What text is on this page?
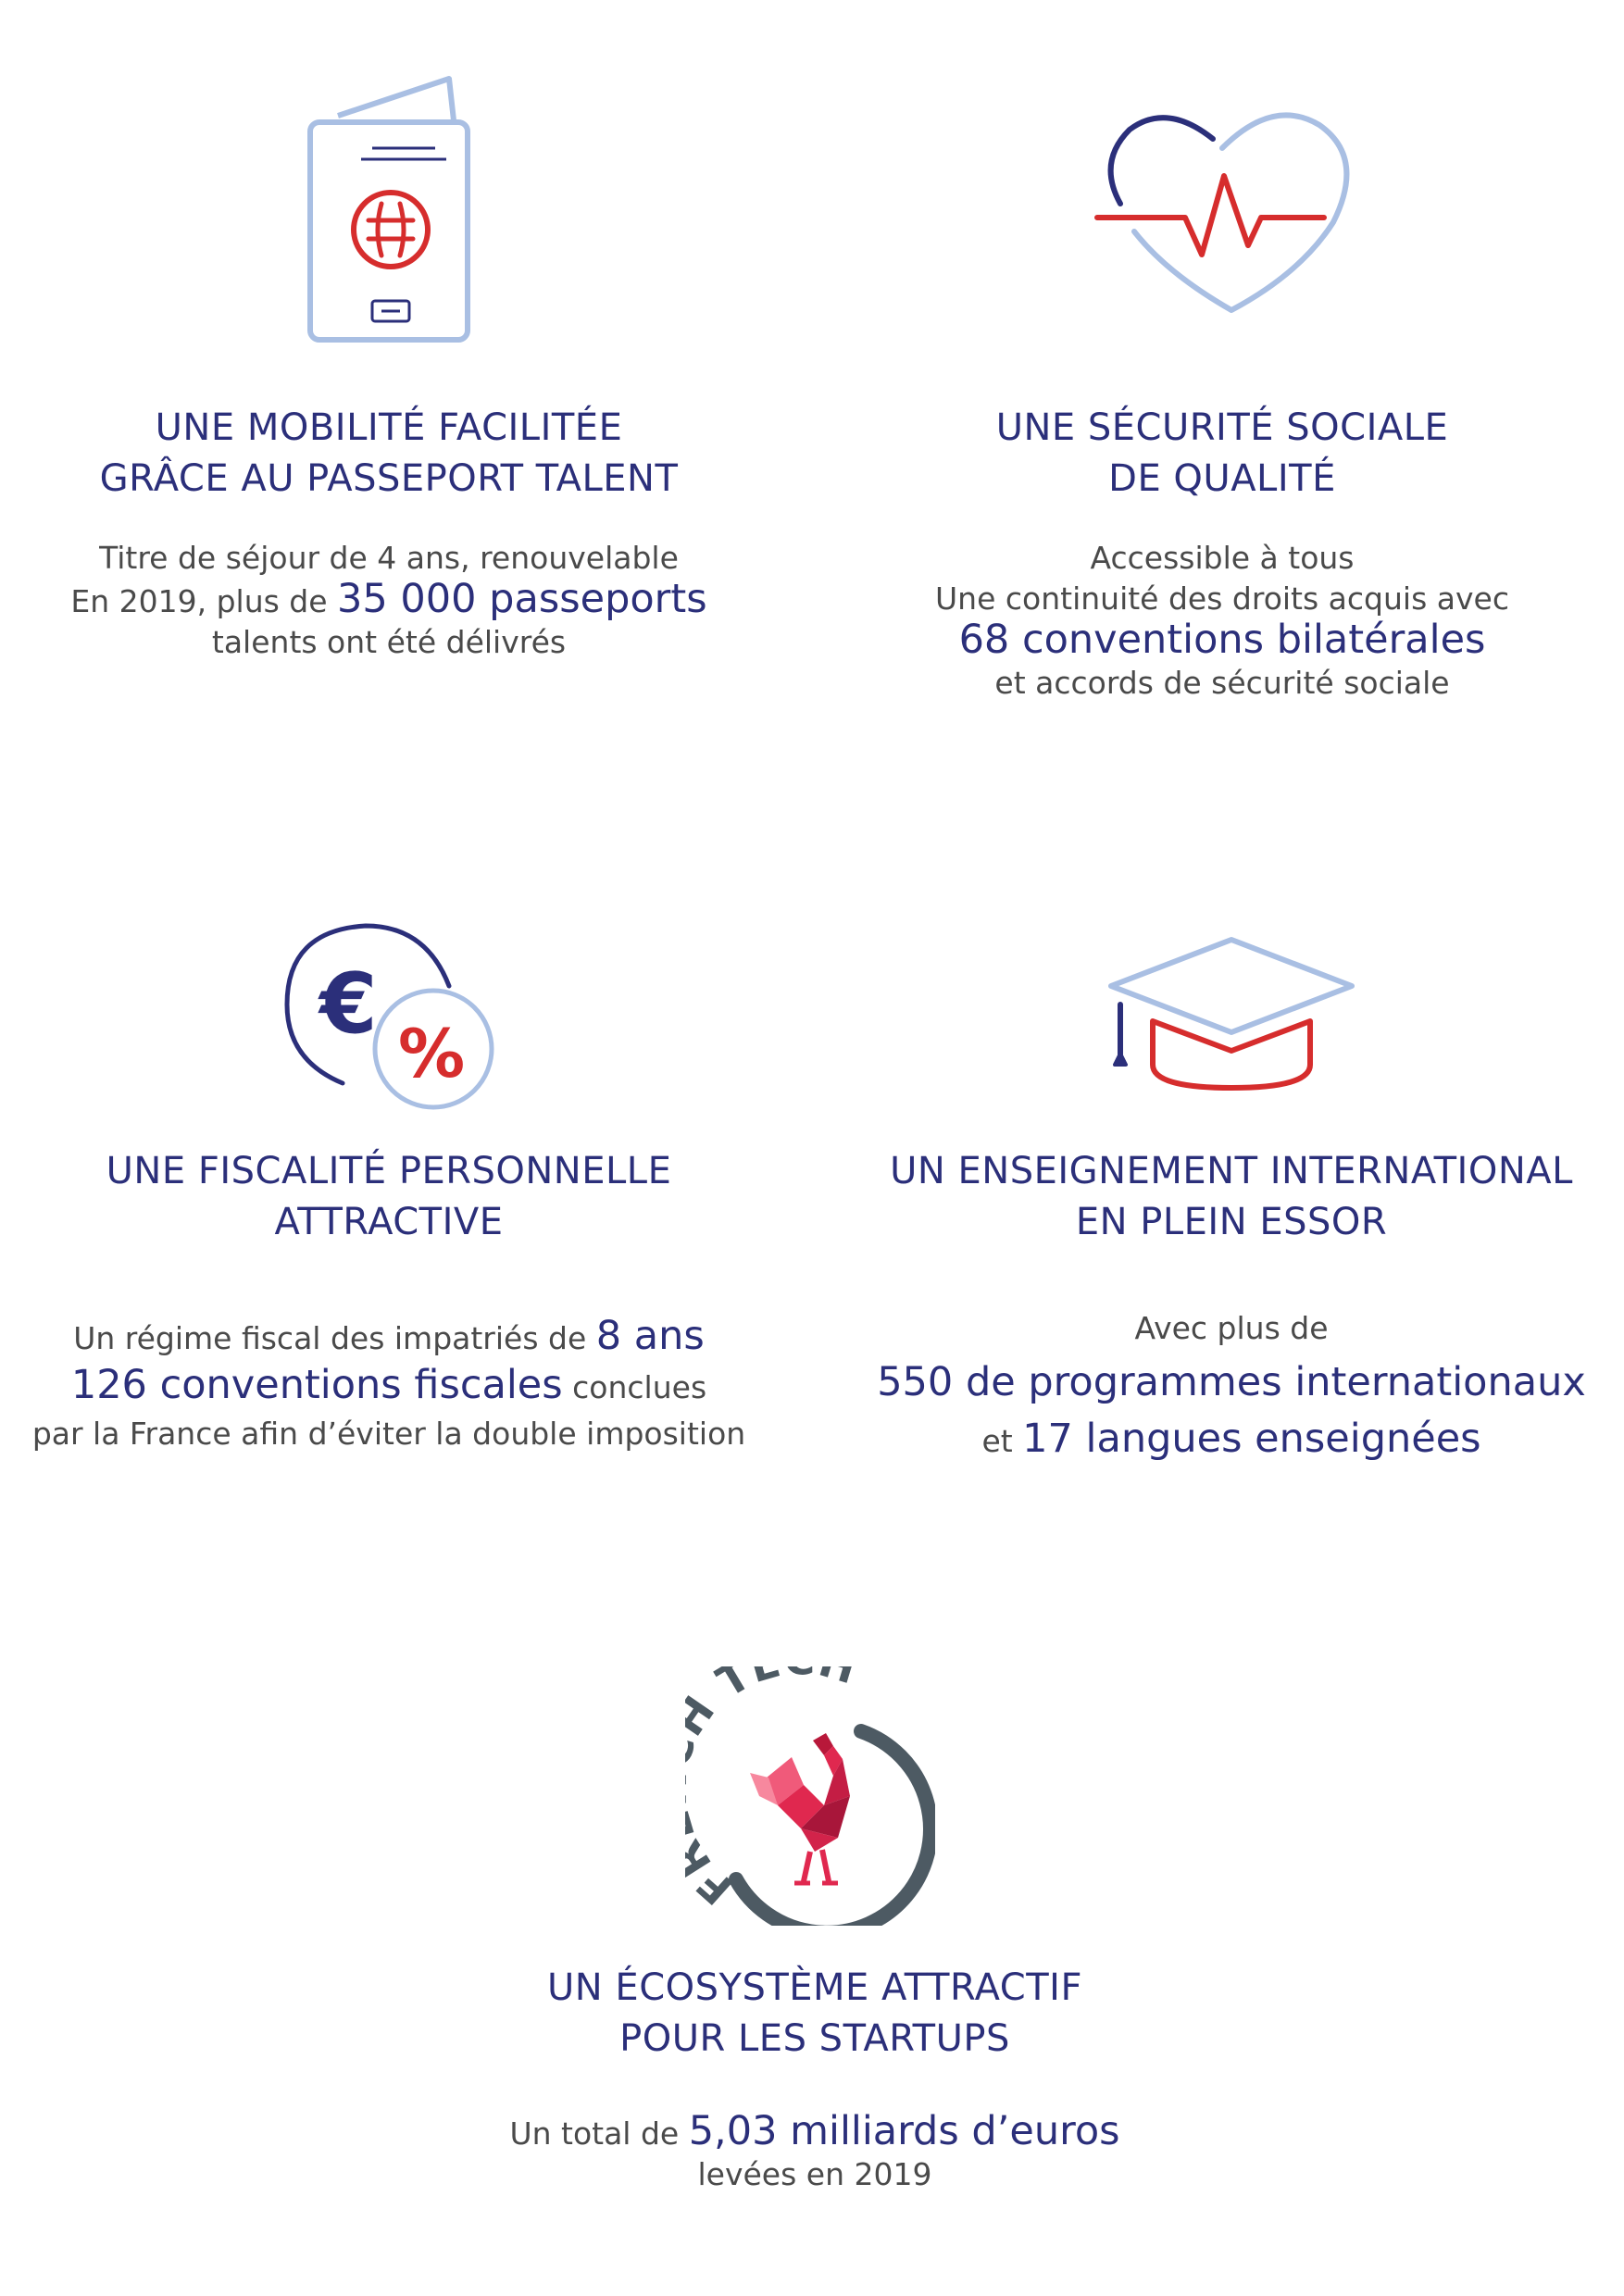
UNE MOBILITÉ FACILITÉE
GRÂCE AU PASSEPORT TALENT

Titre de séjour de 4 ans, renouvelable
En 2019, plus de 35 000 passeports
talents ont été délivrés

UNE SÉCURITÉ SOCIALE
DE QUALITÉ

Accessible à tous
Une continuité des droits acquis avec
68 conventions bilatérales
et accords de sécurité sociale

€
%

UNE FISCALITÉ PERSONNELLE
ATTRACTIVE

Un régime fiscal des impatriés de 8 ans
126 conventions fiscales conclues
par la France afin d’éviter la double imposition

UN ENSEIGNEMENT INTERNATIONAL
EN PLEIN ESSOR

Avec plus de
550 de programmes internationaux
et 17 langues enseignées

F T

UN ÉCOSYSTÈME ATTRACTIF
POUR LES STARTUPS

Un total de 5,03 milliards d’euros
levées en 2019
